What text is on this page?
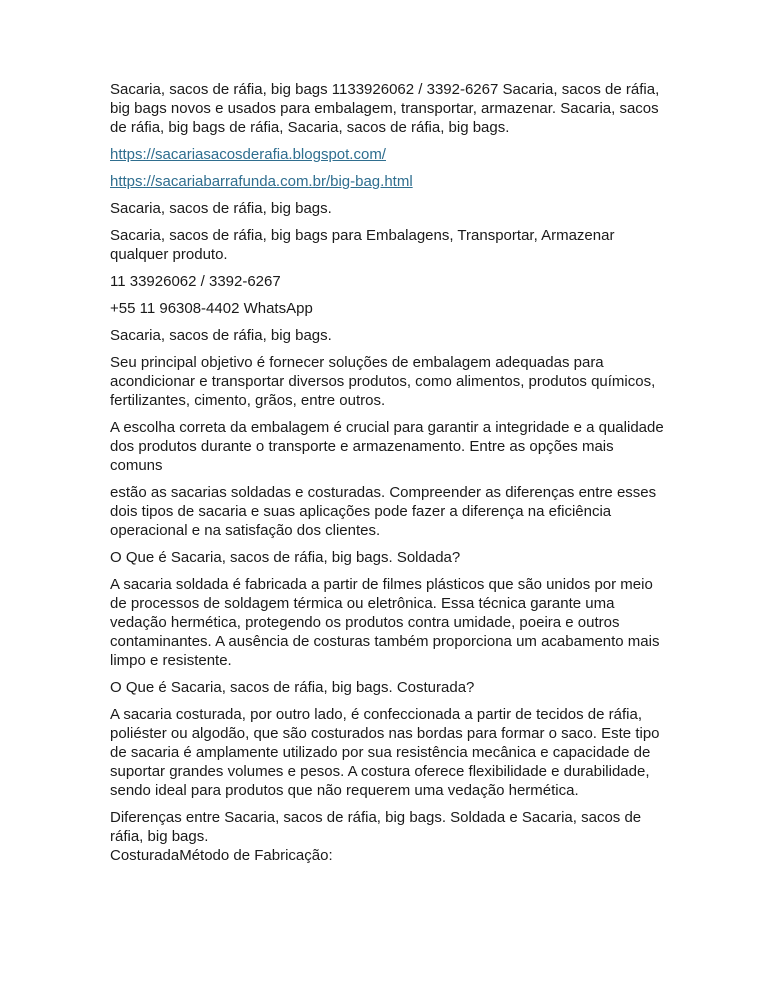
Sacaria, sacos de ráfia, big bags 1133926062 / 3392-6267 Sacaria, sacos de ráfia, big bags novos e usados para embalagem, transportar, armazenar. Sacaria, sacos de ráfia, big bags de ráfia, Sacaria, sacos de ráfia, big bags.

https://sacariasacosderafia.blogspot.com/

https://sacariabarrafunda.com.br/big-bag.html

Sacaria, sacos de ráfia, big bags.

Sacaria, sacos de ráfia, big bags para Embalagens, Transportar, Armazenar qualquer produto.

11 33926062 / 3392-6267

+55 11 96308-4402 WhatsApp

Sacaria, sacos de ráfia, big bags.

Seu principal objetivo é fornecer soluções de embalagem adequadas para acondicionar e transportar diversos produtos, como alimentos, produtos químicos, fertilizantes, cimento, grãos, entre outros.

A escolha correta da embalagem é crucial para garantir a integridade e a qualidade dos produtos durante o transporte e armazenamento. Entre as opções mais comuns

estão as sacarias soldadas e costuradas. Compreender as diferenças entre esses dois tipos de sacaria e suas aplicações pode fazer a diferença na eficiência operacional e na satisfação dos clientes.

O Que é Sacaria, sacos de ráfia, big bags. Soldada?

A sacaria soldada é fabricada a partir de filmes plásticos que são unidos por meio de processos de soldagem térmica ou eletrônica. Essa técnica garante uma vedação hermética, protegendo os produtos contra umidade, poeira e outros contaminantes. A ausência de costuras também proporciona um acabamento mais limpo e resistente.

O Que é Sacaria, sacos de ráfia, big bags. Costurada?

A sacaria costurada, por outro lado, é confeccionada a partir de tecidos de ráfia, poliéster ou algodão, que são costurados nas bordas para formar o saco. Este tipo de sacaria é amplamente utilizado por sua resistência mecânica e capacidade de suportar grandes volumes e pesos. A costura oferece flexibilidade e durabilidade, sendo ideal para produtos que não requerem uma vedação hermética.

Diferenças entre Sacaria, sacos de ráfia, big bags. Soldada e Sacaria, sacos de ráfia, big bags.

CosturadaMétodo de Fabricação:
